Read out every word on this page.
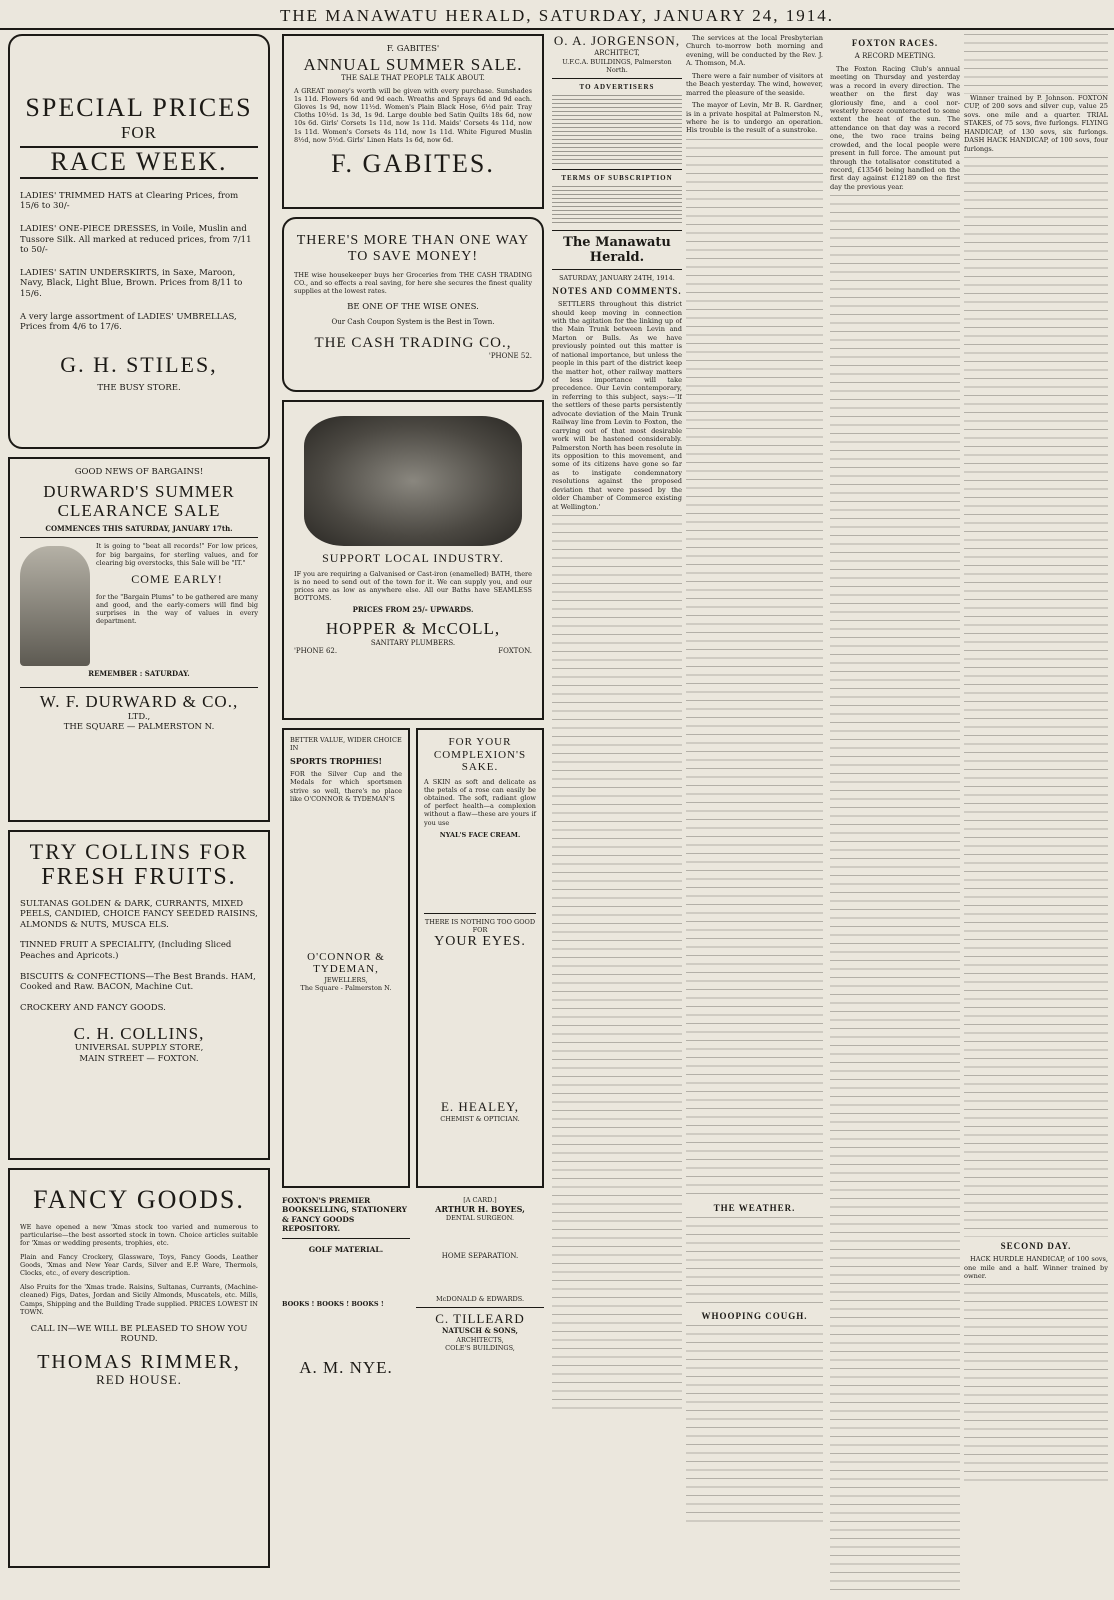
THE MANAWATU HERALD, SATURDAY, JANUARY 24, 1914.
SPECIAL PRICES
FOR
RACE WEEK.

LADIES' TRIMMED HATS at Clearing Prices, from 15/6 to 30/-

LADIES' ONE-PIECE DRESSES, in Voile, Muslin and Tussore Silk. All marked at reduced prices, from 7/11 to 50/-

LADIES' SATIN UNDERSKIRTS, in Saxe, Maroon, Navy, Black, Light Blue, Brown. Prices from 8/11 to 15/6.

A very large assortment of LADIES' UMBRELLAS, Prices from 4/6 to 17/6.

G. H. STILES,
THE BUSY STORE.
GOOD NEWS OF BARGAINS!
DURWARD'S SUMMER CLEARANCE SALE
COMMENCES THIS SATURDAY, JANUARY 17th.

It is going to "beat all records!" For low prices, for big bargains, for sterling values, and for clearing big overstocks, this Sale will be "IT."

COME EARLY!

for the "Bargain Plums" to be gathered are many and good, and the early-comers will find big surprises in the way of values in every department.

REMEMBER : SATURDAY.
W. F. DURWARD & CO.,
LTD.,
THE SQUARE — PALMERSTON N.
TRY COLLINS FOR
FRESH FRUITS.

SULTANAS GOLDEN & DARK, CURRANTS, MIXED PEELS, CANDIED, CHOICE FANCY SEEDED RAISINS, ALMONDS & NUTS, MUSCA ELS.

TINNED FRUIT A SPECIALITY, (Including Sliced Peaches and Apricots.)

BISCUITS & CONFECTIONS—The Best Brands. HAM, Cooked and Raw. BACON, Machine Cut.

CROCKERY AND FANCY GOODS.

C. H. COLLINS,
UNIVERSAL SUPPLY STORE,
MAIN STREET — FOXTON.
FANCY GOODS.

WE have opened a new 'Xmas stock too varied and numerous to particularise—the best assorted stock in town. Choice articles suitable for 'Xmas or wedding presents, trophies, etc.

Plain and Fancy Crockery, Glassware, Toys, Fancy Goods, Leather Goods, 'Xmas and New Year Cards, Silver and E.P. Ware, Thermols, Clocks, etc., of every description.

Also Fruits for the 'Xmas trade. Raisins, Sultanas, Currants, (Machine-cleaned) Figs, Dates, Jordan and Sicily Almonds, Muscatels, etc. Mills, Camps, Shipping and the Building Trade supplied. PRICES LOWEST IN TOWN.

CALL IN—WE WILL BE PLEASED TO SHOW YOU ROUND.
THOMAS RIMMER,
RED HOUSE.
F. GABITES'
ANNUAL SUMMER SALE.
THE SALE THAT PEOPLE TALK ABOUT.

A GREAT money's worth will be given with every purchase. Sunshades 1s 11d. Flowers 6d and 9d each. Wreaths and Sprays 6d and 9d each. Gloves 1s 9d, now 11½d. Women's Plain Black Hose, 6½d pair. Tray Cloths 10½d. 1s 3d, 1s 9d. Large double bed Satin Quilts 18s 6d, now 10s 6d. Girls' Corsets 1s 11d, now 1s 11d. Maids' Corsets 4s 11d, now 1s 11d. Women's Corsets 4s 11d, now 1s 11d. White Figured Muslin 8½d, now 5½d. Girls' Linen Hats 1s 6d, now 6d.

F. GABITES.
THERE'S MORE THAN ONE WAY TO SAVE MONEY!

THE wise housekeeper buys her Groceries from THE CASH TRADING CO., and so effects a real saving, for here she secures the finest quality supplies at the lowest rates.

BE ONE OF THE WISE ONES.
Our Cash Coupon System is the Best in Town.
THE CASH TRADING CO.,
'PHONE 52.
SUPPORT LOCAL INDUSTRY.

IF you are requiring a Galvanised or Cast-iron (enamelled) BATH, there is no need to send out of the town for it. We can supply you, and our prices are as low as anywhere else. All our Baths have SEAMLESS BOTTOMS.

PRICES FROM 25/- UPWARDS.
HOPPER & McCOLL,
SANITARY PLUMBERS.
'PHONE 62.	FOXTON.
BETTER VALUE, WIDER CHOICE IN
SPORTS TROPHIES!

FOR the Silver Cup and the Medals for which sportsmen strive so well, there's no place like O'CONNOR & TYDEMAN'S

O'CONNOR & TYDEMAN,
JEWELLERS,
The Square - Palmerston N.
FOR YOUR COMPLEXION'S SAKE.

A SKIN as soft and delicate as the petals of a rose can easily be obtained. The soft, radiant glow of perfect health—a complexion without a flaw—these are yours if you use

NYAL'S FACE CREAM.
THERE IS NOTHING TOO GOOD FOR
YOUR EYES.
E. HEALEY,
CHEMIST & OPTICIAN.
FOXTON'S PREMIER BOOKSELLING, STATIONERY & FANCY GOODS REPOSITORY.
GOLF MATERIAL.
BOOKS ! BOOKS ! BOOKS !
A. M. NYE.
[A CARD.]
ARTHUR H. BOYES,
DENTAL SURGEON.
HOME SEPARATION.
McDONALD & EDWARDS.
C. TILLEARD
NATUSCH & SONS,
ARCHITECTS,
COLE'S BUILDINGS,
O. A. JORGENSON,
ARCHITECT,
U.F.C.A. BUILDINGS, Palmerston North.
TO ADVERTISERS
TERMS OF SUBSCRIPTION
The Manawatu Herald.
SATURDAY, JANUARY 24TH, 1914.
NOTES AND COMMENTS.

SETTLERS throughout this district should keep moving in connection with the agitation for the linking up of the Main Trunk between Levin and Marton or Bulls. As we have previously pointed out this matter is of national importance, but unless the people in this part of the district keep the matter hot, other railway matters of less importance will take precedence. Our Levin contemporary, in referring to this subject, says:—'If the settlers of these parts persistently advocate deviation of the Main Trunk Railway line from Levin to Foxton, the carrying out of that most desirable work will be hastened considerably. Palmerston North has been resolute in its opposition to this movement, and some of its citizens have gone so far as to instigate condemnatory resolutions against the proposed deviation that were passed by the older Chamber of Commerce existing at Wellington.'

The services at the local Presbyterian Church to-morrow both morning and evening, will be conducted by the Rev. J. A. Thomson, M.A.

There were a fair number of visitors at the Beach yesterday. The wind, however, marred the pleasure of the seaside.

The mayor of Levin, Mr B. R. Gardner, is in a private hospital at Palmerston N., where he is to undergo an operation. His trouble is the result of a sunstroke.

THE WEATHER.
WHOOPING COUGH.
FOXTON RACES.
A RECORD MEETING.

The Foxton Racing Club's annual meeting on Thursday and yesterday was a record in every direction. The weather on the first day was gloriously fine, and a cool nor-westerly breeze counteracted to some extent the heat of the sun. The attendance on that day was a record one, the two race trains being crowded, and the local people were present in full force. The amount put through the totalisator constituted a record, £13546 being handled on the first day against £12189 on the first day the previous year.

Winner trained by P. Johnson. FOXTON CUP, of 200 sovs and silver cup, value 25 sovs. one mile and a quarter. TRIAL STAKES, of 75 sovs, five furlongs. FLYING HANDICAP, of 130 sovs, six furlongs. DASH HACK HANDICAP, of 100 sovs, four furlongs.

SECOND DAY.

HACK HURDLE HANDICAP, of 100 sovs, one mile and a half. Winner trained by owner.
